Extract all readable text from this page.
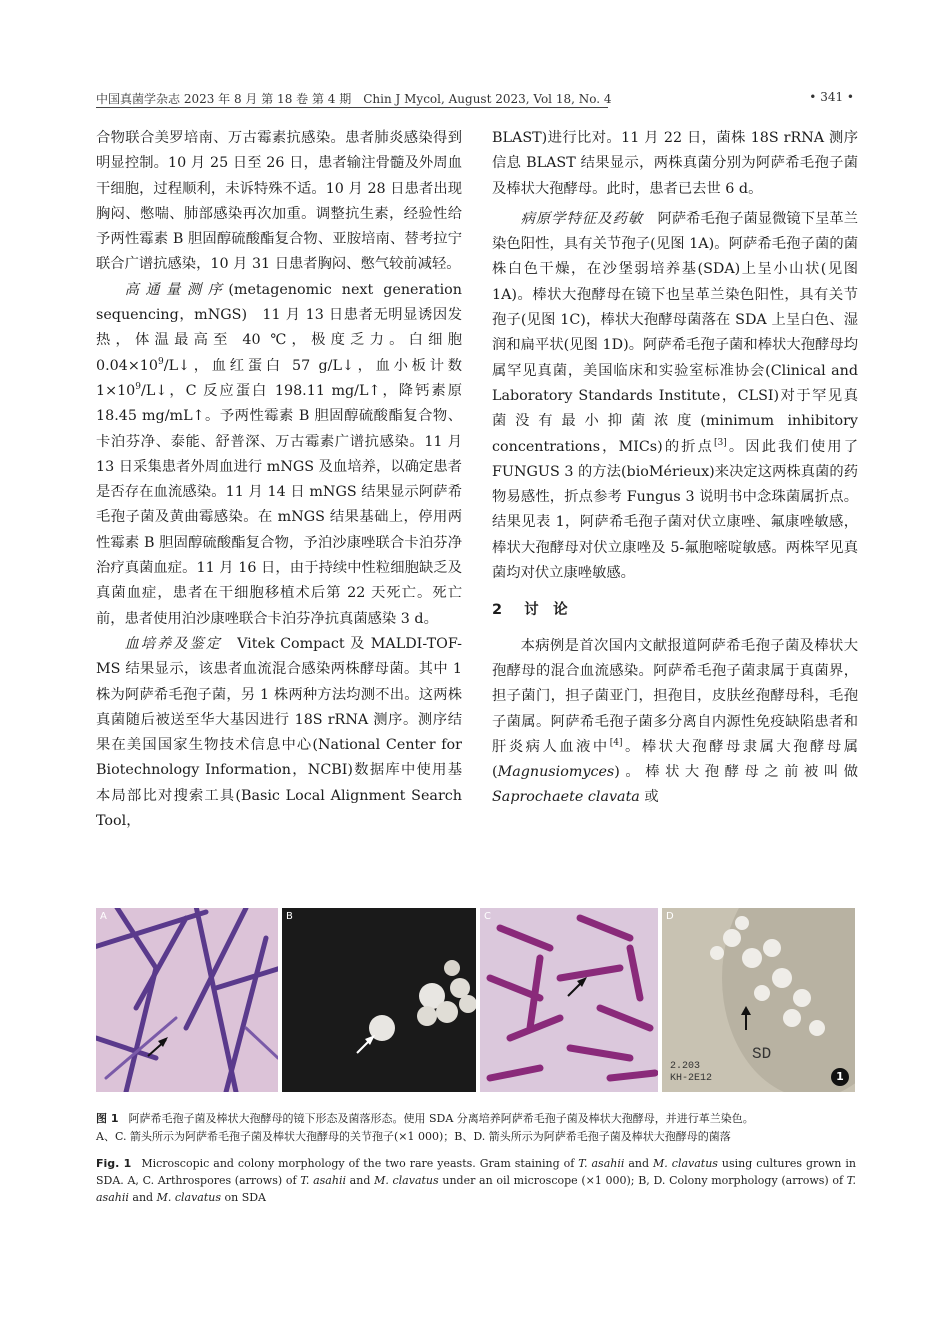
中国真菌学杂志 2023 年 8 月 第 18 卷 第 4 期　Chin J Mycol, August 2023, Vol 18, No. 4	• 341 •

合物联合美罗培南、万古霉素抗感染。患者肺炎感染得到明显控制。10 月 25 日至 26 日，患者输注骨髓及外周血干细胞，过程顺利，未诉特殊不适。10 月 28 日患者出现胸闷、憋喘、肺部感染再次加重。调整抗生素，经验性给予两性霉素 B 胆固醇硫酸酯复合物、亚胺培南、替考拉宁联合广谱抗感染，10 月 31 日患者胸闷、憋气较前减轻。

高通量测序(metagenomic next generation sequencing，mNGS)　11 月 13 日患者无明显诱因发热，体温最高至 40 ℃，极度乏力。白细胞 $0.04\times 10^9/L↓$，血红蛋白 57 g/L↓，血小板计数 $1\times 10^9/L↓$，C 反应蛋白 198.11 mg/L↑，降钙素原 18.45 mg/mL↑。予两性霉素 B 胆固醇硫酸酯复合物、卡泊芬净、泰能、舒普深、万古霉素广谱抗感染。11 月 13 日采集患者外周血进行 mNGS 及血培养，以确定患者是否存在血流感染。11 月 14 日 mNGS 结果显示阿萨希毛孢子菌及黄曲霉感染。在 mNGS 结果基础上，停用两性霉素 B 胆固醇硫酸酯复合物，予泊沙康唑联合卡泊芬净治疗真菌血症。11 月 16 日，由于持续中性粒细胞缺乏及真菌血症，患者在干细胞移植术后第 22 天死亡。死亡前，患者使用泊沙康唑联合卡泊芬净抗真菌感染 3 d。

血培养及鉴定　Vitek Compact 及 MALDI-TOF-MS 结果显示，该患者血流混合感染两株酵母菌。其中 1 株为阿萨希毛孢子菌，另 1 株两种方法均测不出。这两株真菌随后被送至华大基因进行 18S rRNA 测序。测序结果在美国国家生物技术信息中心(National Center for Biotechnology Information，NCBI)数据库中使用基本局部比对搜索工具(Basic Local Alignment Search Tool，

BLAST)进行比对。11 月 22 日，菌株 18S rRNA 测序信息 BLAST 结果显示，两株真菌分别为阿萨希毛孢子菌及棒状大孢酵母。此时，患者已去世 6 d。

病原学特征及药敏　阿萨希毛孢子菌显微镜下呈革兰染色阳性，具有关节孢子(见图 1A)。阿萨希毛孢子菌的菌株白色干燥，在沙堡弱培养基(SDA)上呈小山状(见图 1A)。棒状大孢酵母在镜下也呈革兰染色阳性，具有关节孢子(见图 1C)，棒状大孢酵母菌落在 SDA 上呈白色、湿润和扁平状(见图 1D)。阿萨希毛孢子菌和棒状大孢酵母均属罕见真菌，美国临床和实验室标准协会(Clinical and Laboratory Standards Institute，CLSI)对于罕见真菌没有最小抑菌浓度(minimum inhibitory concentrations，MICs)的折点[3]。因此我们使用了 FUNGUS 3 的方法(bioMérieux)来决定这两株真菌的药物易感性，折点参考 Fungus 3 说明书中念珠菌属折点。结果见表 1，阿萨希毛孢子菌对伏立康唑、氟康唑敏感，棒状大孢酵母对伏立康唑及 5-氟胞嘧啶敏感。两株罕见真菌均对伏立康唑敏感。

2 讨　论

本病例是首次国内文献报道阿萨希毛孢子菌及棒状大孢酵母的混合血流感染。阿萨希毛孢子菌隶属于真菌界，担子菌门，担子菌亚门，担孢目，皮肤丝孢酵母科，毛孢子菌属。阿萨希毛孢子菌多分离自内源性免疫缺陷患者和肝炎病人血液中[4]。棒状大孢酵母隶属大孢酵母属(Magnusiomyces)。棒状大孢酵母之前被叫做 Saprochaete clavata 或

A	B	C
2.203
KH-2E12
SD
D
1
图 1 阿萨希毛孢子菌及棒状大孢酵母的镜下形态及菌落形态。使用 SDA 分离培养阿萨希毛孢子菌及棒状大孢酵母，并进行革兰染色。
A、C. 箭头所示为阿萨希毛孢子菌及棒状大孢酵母的关节孢子(×1 000)；B、D. 箭头所示为阿萨希毛孢子菌及棒状大孢酵母的菌落
Fig. 1 Microscopic and colony morphology of the two rare yeasts. Gram staining of T. asahii and M. clavatus using cultures grown in SDA. A, C. Arthrospores (arrows) of T. asahii and M. clavatus under an oil microscope (×1 000); B, D. Colony morphology (arrows) of T. asahii and M. clavatus on SDA
